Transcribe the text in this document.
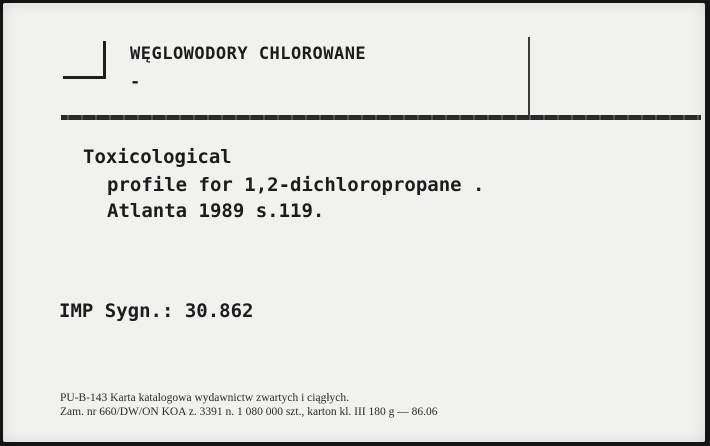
WĘGLOWODORY CHLOROWANE
-
Toxicological
profile for 1,2-dichloropropane .
Atlanta 1989 s.119.
IMP Sygn.: 30.862
PU-B-143 Karta katalogowa wydawnictw zwartych i ciągłych.
Zam. nr 660/DW/ON KOA z. 3391 n. 1 080 000 szt., karton kl. III 180 g — 86.06
